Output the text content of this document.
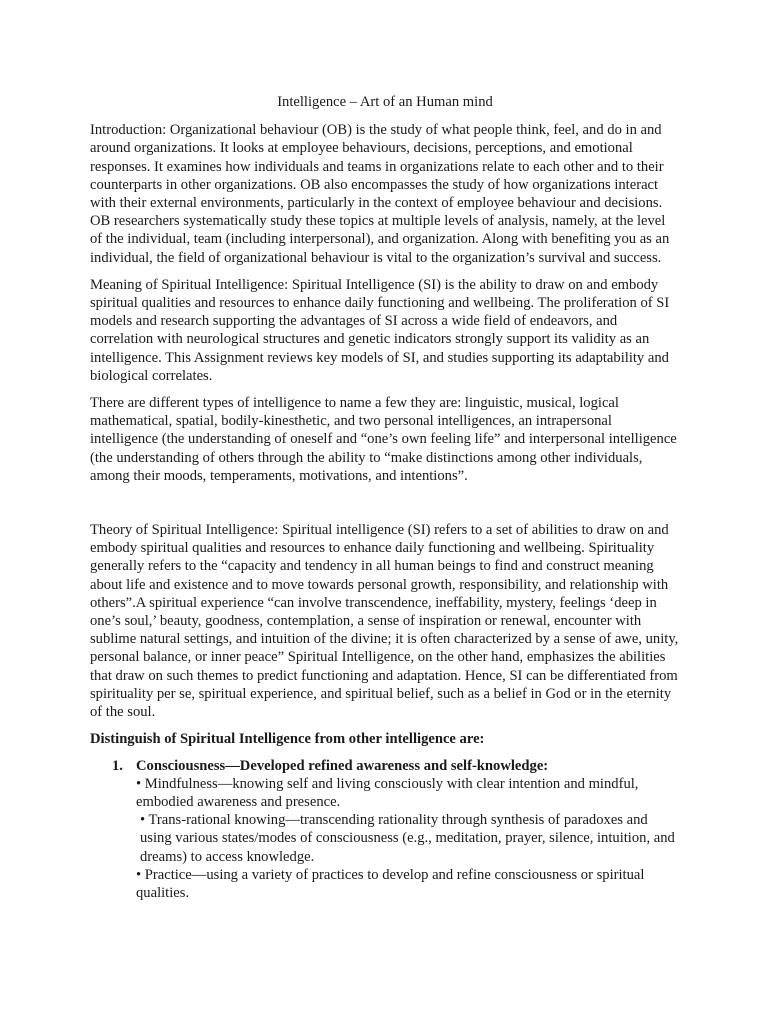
Intelligence – Art of an Human mind

Introduction: Organizational behaviour (OB) is the study of what people think, feel, and do in and around organizations. It looks at employee behaviours, decisions, perceptions, and emotional responses. It examines how individuals and teams in organizations relate to each other and to their counterparts in other organizations. OB also encompasses the study of how organizations interact with their external environments, particularly in the context of employee behaviour and decisions. OB researchers systematically study these topics at multiple levels of analysis, namely, at the level of the individual, team (including interpersonal), and organization. Along with benefiting you as an individual, the field of organizational behaviour is vital to the organization’s survival and success.

Meaning of Spiritual Intelligence: Spiritual Intelligence (SI) is the ability to draw on and embody spiritual qualities and resources to enhance daily functioning and wellbeing. The proliferation of SI models and research supporting the advantages of SI across a wide field of endeavors, and correlation with neurological structures and genetic indicators strongly support its validity as an intelligence. This Assignment reviews key models of SI, and studies supporting its adaptability and biological correlates.

There are different types of intelligence to name a few they are: linguistic, musical, logical mathematical, spatial, bodily-kinesthetic, and two personal intelligences, an intrapersonal intelligence (the understanding of oneself and “one’s own feeling life” and interpersonal intelligence (the understanding of others through the ability to “make distinctions among other individuals, among their moods, temperaments, motivations, and intentions”.

Theory of Spiritual Intelligence: Spiritual intelligence (SI) refers to a set of abilities to draw on and embody spiritual qualities and resources to enhance daily functioning and wellbeing. Spirituality generally refers to the “capacity and tendency in all human beings to find and construct meaning about life and existence and to move towards personal growth, responsibility, and relationship with others”.A spiritual experience “can involve transcendence, ineffability, mystery, feelings ‘deep in one’s soul,’ beauty, goodness, contemplation, a sense of inspiration or renewal, encounter with sublime natural settings, and intuition of the divine; it is often characterized by a sense of awe, unity, personal balance, or inner peace” Spiritual Intelligence, on the other hand, emphasizes the abilities that draw on such themes to predict functioning and adaptation. Hence, SI can be differentiated from spirituality per se, spiritual experience, and spiritual belief, such as a belief in God or in the eternity of the soul.

Distinguish of Spiritual Intelligence from other intelligence are:
1. Consciousness—Developed refined awareness and self-knowledge:
• Mindfulness—knowing self and living consciously with clear intention and mindful, embodied awareness and presence.
• Trans-rational knowing—transcending rationality through synthesis of paradoxes and using various states/modes of consciousness (e.g., meditation, prayer, silence, intuition, and dreams) to access knowledge.
• Practice—using a variety of practices to develop and refine consciousness or spiritual qualities.
